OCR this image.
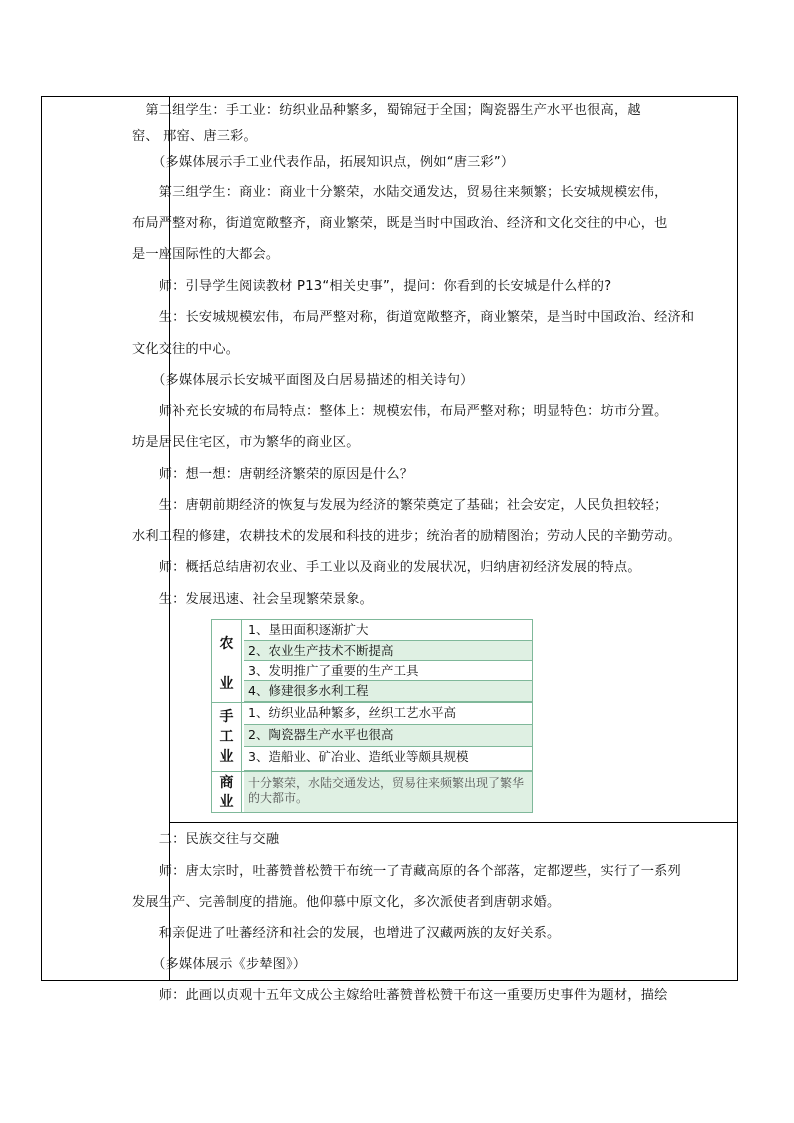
　第二组学生：手工业：纺织业品种繁多，蜀锦冠于全国；陶瓷器生产水平也很高，越
窑、 邢窑、唐三彩。
　　（多媒体展示手工业代表作品，拓展知识点，例如“唐三彩”）
　　第三组学生：商业：商业十分繁荣，水陆交通发达，贸易往来频繁；长安城规模宏伟，
布局严整对称，街道宽敞整齐，商业繁荣，既是当时中国政治、经济和文化交往的中心，也
是一座国际性的大都会。
　　师：引导学生阅读教材 P13“相关史事”，提问：你看到的长安城是什么样的?
　　生：长安城规模宏伟，布局严整对称，街道宽敞整齐，商业繁荣，是当时中国政治、经济和
文化交往的中心。
　　（多媒体展示长安城平面图及白居易描述的相关诗句）
　　师补充长安城的布局特点：整体上：规模宏伟，布局严整对称；明显特色：坊市分置。
坊是居民住宅区，市为繁华的商业区。
　　师：想一想：唐朝经济繁荣的原因是什么？
　　生：唐朝前期经济的恢复与发展为经济的繁荣奠定了基础；社会安定，人民负担较轻；
水利工程的修建，农耕技术的发展和科技的进步；统治者的励精图治；劳动人民的辛勤劳动。
　　师：概括总结唐初农业、手工业以及商业的发展状况，归纳唐初经济发展的特点。
　　生：发展迅速、社会呈现繁荣景象。
农

业
1、垦田面积逐渐扩大
2、农业生产技术不断提高
3、发明推广了重要的生产工具
4、修建很多水利工程
手
工
业
1、纺织业品种繁多，丝织工艺水平高
2、陶瓷器生产水平也很高
3、造船业、矿冶业、造纸业等颇具规模
商
业
十分繁荣，水陆交通发达，贸易往来频繁出现了繁华的大都市。
　　二：民族交往与交融
　　师：唐太宗时，吐蕃赞普松赞干布统一了青藏高原的各个部落，定都逻些，实行了一系列
发展生产、完善制度的措施。他仰慕中原文化，多次派使者到唐朝求婚。
　　和亲促进了吐蕃经济和社会的发展，也增进了汉藏两族的友好关系。
　　（多媒体展示《步辇图》）
　　师：此画以贞观十五年文成公主嫁给吐蕃赞普松赞干布这一重要历史事件为题材，描绘
